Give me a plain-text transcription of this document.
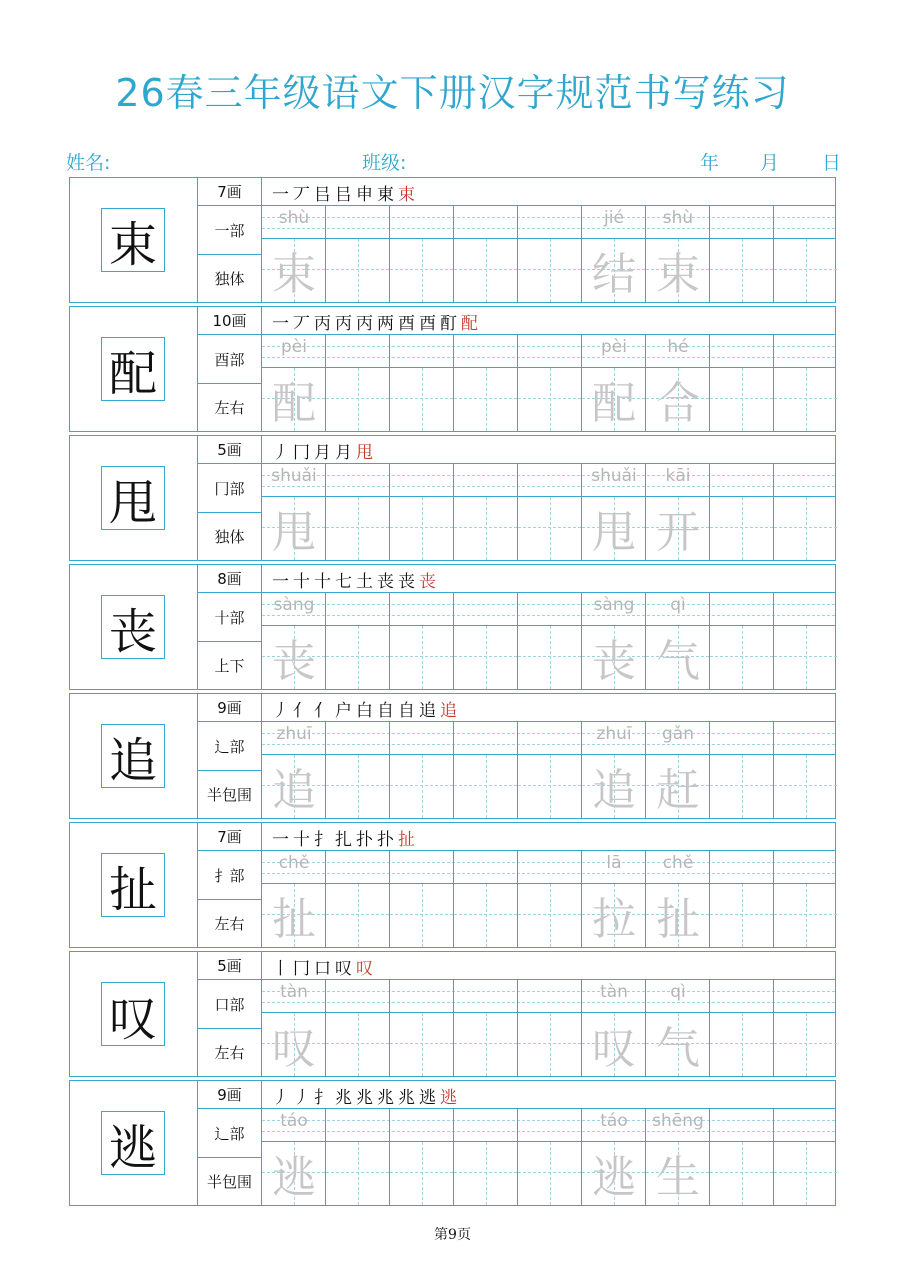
26春三年级语文下册汉字规范书写练习
姓名:	班级:	年 月 日
束
7画
一部
独体
一丆㠯㠯申東束
shù
束
jié
结
shù
束
配
10画
酉部
左右
一丆丙丙丙两酉酉酊配
pèi
配
pèi
配
hé
合
甩
5画
冂部
独体
丿冂月月甩
shuǎi
甩
shuǎi
甩
kāi
开
丧
8画
十部
上下
一十十七土丧丧丧
sàng
丧
sàng
丧
qì
气
追
9画
辶部
半包围
丿亻亻户白自自追追
zhuī
追
zhuī
追
gǎn
赶
扯
7画
扌部
左右
一十扌扎扑扑扯
chě
扯
lā
拉
chě
扯
叹
5画
口部
左右
丨冂口叹叹
tàn
叹
tàn
叹
qì
气
逃
9画
辶部
半包围
丿丿扌兆兆兆兆逃逃
táo
逃
táo
逃
shēng
生
第9页
